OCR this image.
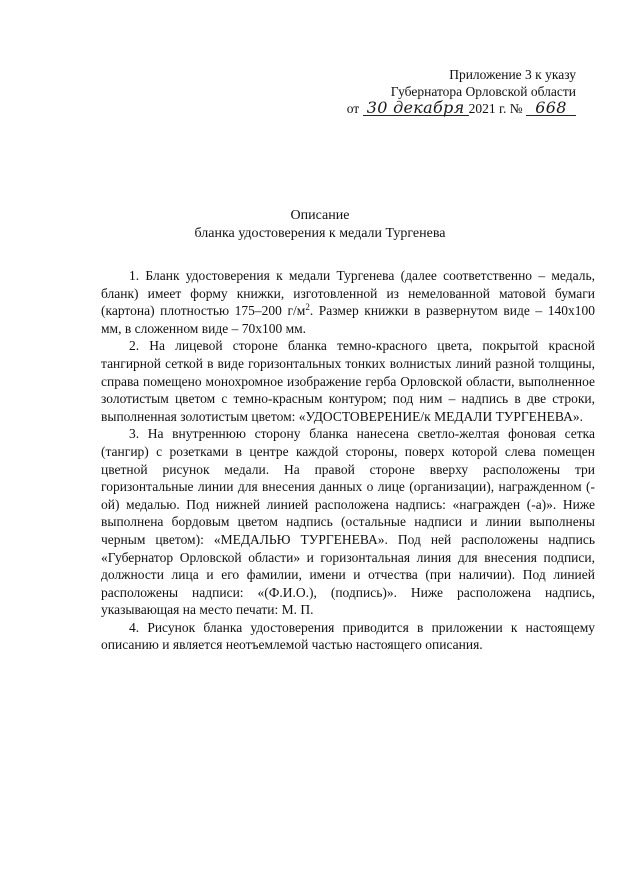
Приложение 3 к указу
Губернатора Орловской области
от 30 декабря 2021 г. № 668
Описание
бланка удостоверения к медали Тургенева

1. Бланк удостоверения к медали Тургенева (далее соответственно – медаль, бланк) имеет форму книжки, изготовленной из немелованной матовой бумаги (картона) плотностью 175–200 $г/м^2$. Размер книжки в развернутом виде – 140х100 мм, в сложенном виде – 70х100 мм.

2. На лицевой стороне бланка темно-красного цвета, покрытой красной тангирной сеткой в виде горизонтальных тонких волнистых линий разной толщины, справа помещено монохромное изображение герба Орловской области, выполненное золотистым цветом с темно-красным контуром; под ним – надпись в две строки, выполненная золотистым цветом: «УДОСТОВЕРЕНИЕ/к МЕДАЛИ ТУРГЕНЕВА».

3. На внутреннюю сторону бланка нанесена светло-желтая фоновая сетка (тангир) с розетками в центре каждой стороны, поверх которой слева помещен цветной рисунок медали. На правой стороне вверху расположены три горизонтальные линии для внесения данных о лице (организации), награжденном (-ой) медалью. Под нижней линией расположена надпись: «награжден (-а)». Ниже выполнена бордовым цветом надпись (остальные надписи и линии выполнены черным цветом): «МЕДАЛЬЮ ТУРГЕНЕВА». Под ней расположены надпись «Губернатор Орловской области» и горизонтальная линия для внесения подписи, должности лица и его фамилии, имени и отчества (при наличии). Под линией расположены надписи: «(Ф.И.О.), (подпись)». Ниже расположена надпись, указывающая на место печати: М. П.

4. Рисунок бланка удостоверения приводится в приложении к настоящему описанию и является неотъемлемой частью настоящего описания.
